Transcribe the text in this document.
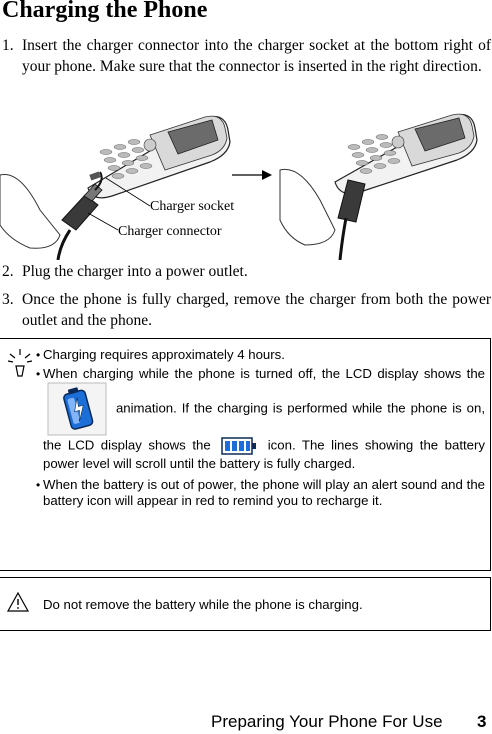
Charging the Phone
1. Insert the charger connector into the charger socket at the bottom right of your phone. Make sure that the connector is inserted in the right direction.
Charger socket
Charger connector
2. Plug the charger into a power outlet.
3. Once the phone is fully charged, remove the charger from both the power outlet and the phone.
• Charging requires approximately 4 hours.
• When charging while the phone is turned off, the LCD display shows the  animation. If the charging is performed while the phone is on, the LCD display shows the	icon. The lines showing the battery power level will scroll until the battery is fully charged.
• When the battery is out of power, the phone will play an alert sound and the battery icon will appear in red to remind you to recharge it.
Do not remove the battery while the phone is charging.
Preparing Your Phone For Use 3
